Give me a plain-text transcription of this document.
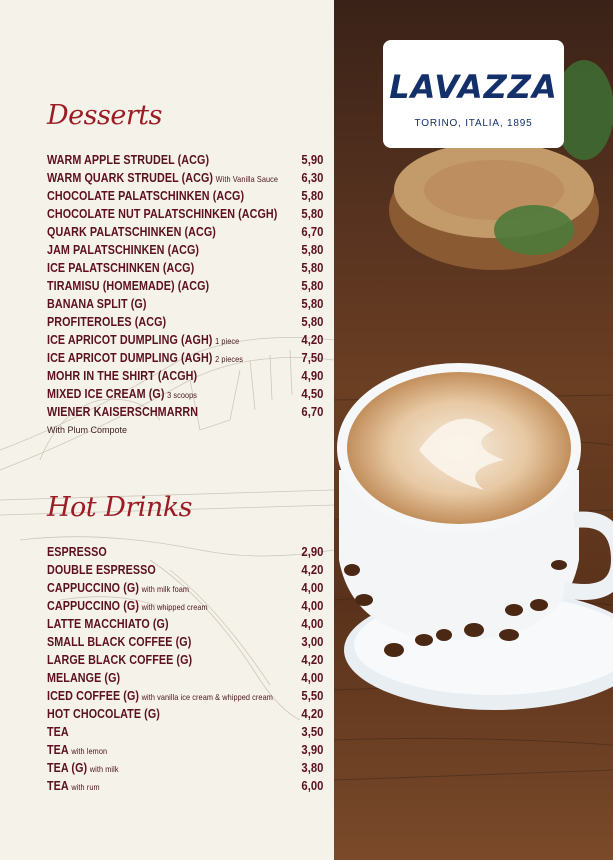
Desserts
WARM APPLE STRUDEL (ACG)	5,90
WARM QUARK STRUDEL (ACG) With Vanilla Sauce 6,30
CHOCOLATE PALATSCHINKEN (ACG)	5,80
CHOCOLATE NUT PALATSCHINKEN (ACGH) 5,80
QUARK PALATSCHINKEN (ACG)	6,70
JAM PALATSCHINKEN (ACG)	5,80
ICE PALATSCHINKEN (ACG)	5,80
TIRAMISU (HOMEMADE) (ACG)	5,80
BANANA SPLIT (G)	5,80
PROFITEROLES (ACG)	5,80
ICE APRICOT DUMPLING (AGH) 1 piece	4,20
ICE APRICOT DUMPLING (AGH) 2 pieces	7,50
MOHR IN THE SHIRT (ACGH)	4,90
MIXED ICE CREAM (G) 3 scoops	4,50
WIENER KAISERSCHMARRN	6,70
With Plum Compote
Hot Drinks
ESPRESSO	2,90
DOUBLE ESPRESSO	4,20
CAPPUCCINO (G) with milk foam	4,00
CAPPUCCINO (G) with whipped cream	4,00
LATTE MACCHIATO (G)	4,00
SMALL BLACK COFFEE (G)	3,00
LARGE BLACK COFFEE (G)	4,20
MELANGE (G)	4,00
ICED COFFEE (G) with vanilla ice cream & whipped cream 5,50
HOT CHOCOLATE (G)	4,20
TEA	3,50
TEA with lemon	3,90
TEA (G) with milk	3,80
TEA with rum	6,00
LAVAZZA
TORINO, ITALIA, 1895
